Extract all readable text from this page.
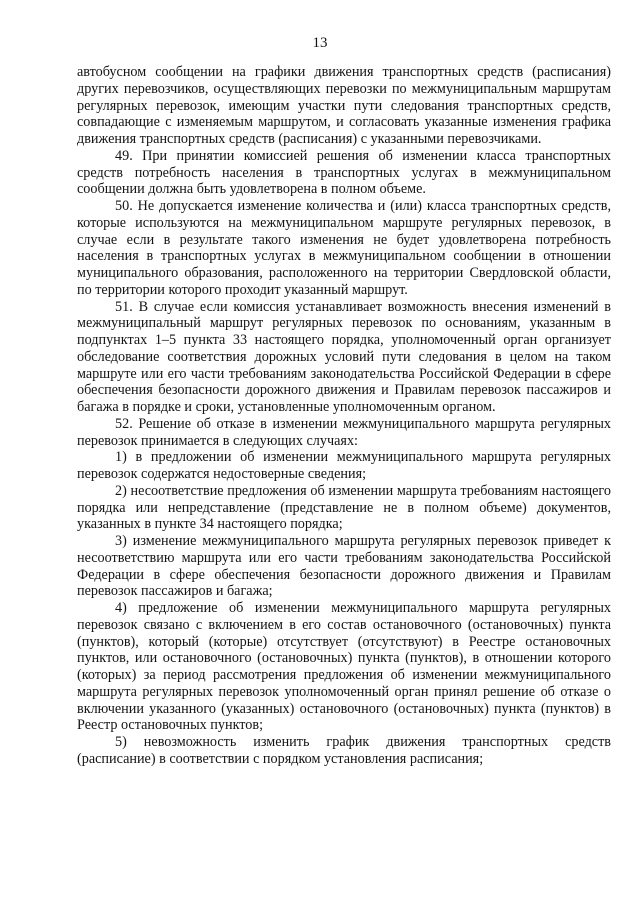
13

автобусном сообщении на графики движения транспортных средств (расписания) других перевозчиков, осуществляющих перевозки по межмуниципальным маршрутам регулярных перевозок, имеющим участки пути следования транспортных средств, совпадающие с изменяемым маршрутом, и согласовать указанные изменения графика движения транспортных средств (расписания) с указанными перевозчиками.

49. При принятии комиссией решения об изменении класса транспортных средств потребность населения в транспортных услугах в межмуниципальном сообщении должна быть удовлетворена в полном объеме.

50. Не допускается изменение количества и (или) класса транспортных средств, которые используются на межмуниципальном маршруте регулярных перевозок, в случае если в результате такого изменения не будет удовлетворена потребность населения в транспортных услугах в межмуниципальном сообщении в отношении муниципального образования, расположенного на территории Свердловской области, по территории которого проходит указанный маршрут.

51. В случае если комиссия устанавливает возможность внесения изменений в межмуниципальный маршрут регулярных перевозок по основаниям, указанным в подпунктах 1–5 пункта 33 настоящего порядка, уполномоченный орган организует обследование соответствия дорожных условий пути следования в целом на таком маршруте или его части требованиям законодательства Российской Федерации в сфере обеспечения безопасности дорожного движения и Правилам перевозок пассажиров и багажа в порядке и сроки, установленные уполномоченным органом.

52. Решение об отказе в изменении межмуниципального маршрута регулярных перевозок принимается в следующих случаях:

1) в предложении об изменении межмуниципального маршрута регулярных перевозок содержатся недостоверные сведения;

2) несоответствие предложения об изменении маршрута требованиям настоящего порядка или непредставление (представление не в полном объеме) документов, указанных в пункте 34 настоящего порядка;

3) изменение межмуниципального маршрута регулярных перевозок приведет к несоответствию маршрута или его части требованиям законодательства Российской Федерации в сфере обеспечения безопасности дорожного движения и Правилам перевозок пассажиров и багажа;

4) предложение об изменении межмуниципального маршрута регулярных перевозок связано с включением в его состав остановочного (остановочных) пункта (пунктов), который (которые) отсутствует (отсутствуют) в Реестре остановочных пунктов, или остановочного (остановочных) пункта (пунктов), в отношении которого (которых) за период рассмотрения предложения об изменении межмуниципального маршрута регулярных перевозок уполномоченный орган принял решение об отказе о включении указанного (указанных) остановочного (остановочных) пункта (пунктов) в Реестр остановочных пунктов;

5) невозможность изменить график движения транспортных средств (расписание) в соответствии с порядком установления расписания;
